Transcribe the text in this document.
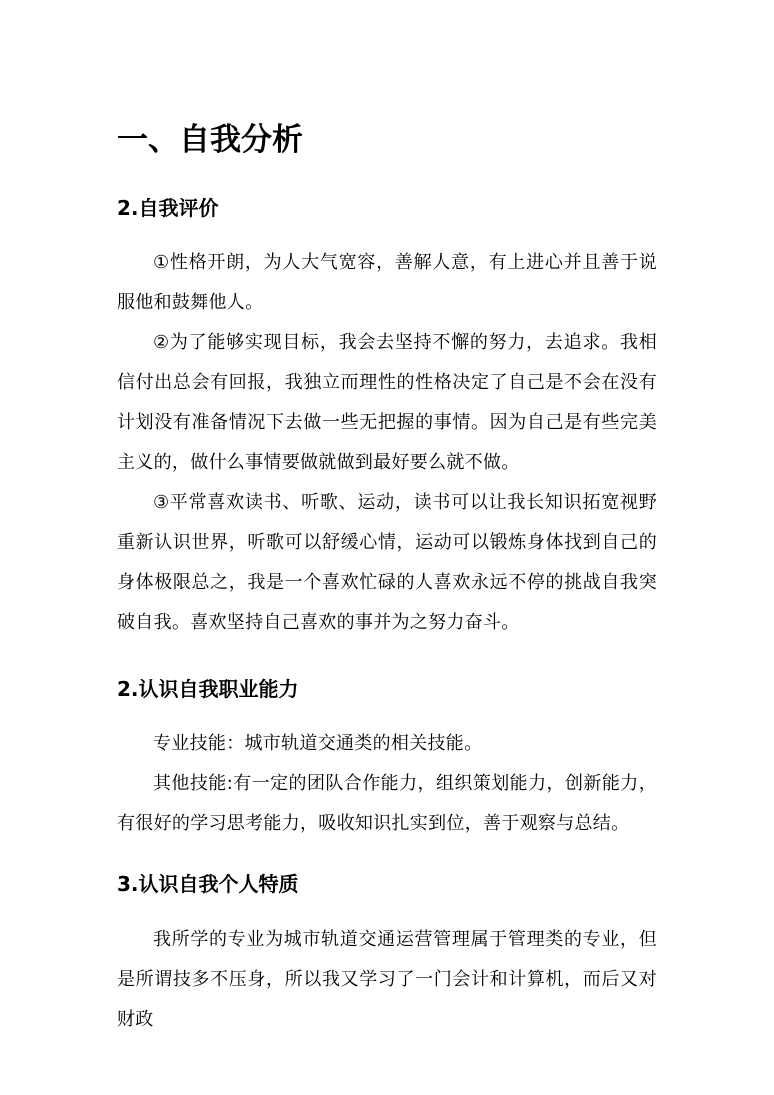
一、自我分析
2.自我评价
①性格开朗，为人大气宽容，善解人意，有上进心并且善于说服他和鼓舞他人。
②为了能够实现目标，我会去坚持不懈的努力，去追求。我相信付出总会有回报，我独立而理性的性格决定了自己是不会在没有计划没有准备情况下去做一些无把握的事情。因为自己是有些完美主义的，做什么事情要做就做到最好要么就不做。
③平常喜欢读书、听歌、运动，读书可以让我长知识拓宽视野重新认识世界，听歌可以舒缓心情，运动可以锻炼身体找到自己的身体极限总之，我是一个喜欢忙碌的人喜欢永远不停的挑战自我突破自我。喜欢坚持自己喜欢的事并为之努力奋斗。
2.认识自我职业能力
专业技能：城市轨道交通类的相关技能。
其他技能:有一定的团队合作能力，组织策划能力，创新能力，有很好的学习思考能力，吸收知识扎实到位，善于观察与总结。
3.认识自我个人特质
我所学的专业为城市轨道交通运营管理属于管理类的专业，但是所谓技多不压身，所以我又学习了一门会计和计算机，而后又对财政
